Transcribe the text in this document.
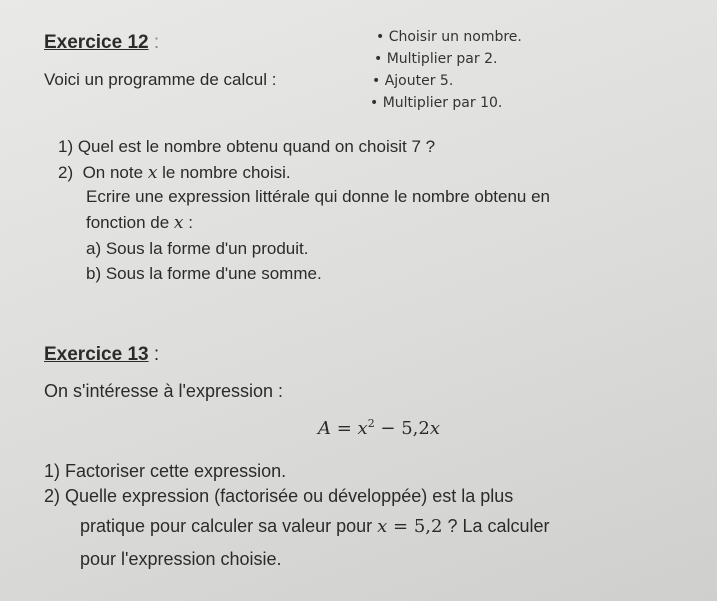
Exercice 12 :
Voici un programme de calcul :
• Choisir un nombre.
• Multiplier par 2.
• Ajouter 5.
• Multiplier par 10.
1) Quel est le nombre obtenu quand on choisit 7 ?
2) On note x le nombre choisi.
Ecrire une expression littérale qui donne le nombre obtenu en
fonction de x :
a) Sous la forme d'un produit.
b) Sous la forme d'une somme.
Exercice 13 :
On s'intéresse à l'expression :
$A = x^2 - 5,2x$
1) Factoriser cette expression.
2) Quelle expression (factorisée ou développée) est la plus
pratique pour calculer sa valeur pour x = 5,2 ? La calculer
pour l'expression choisie.
